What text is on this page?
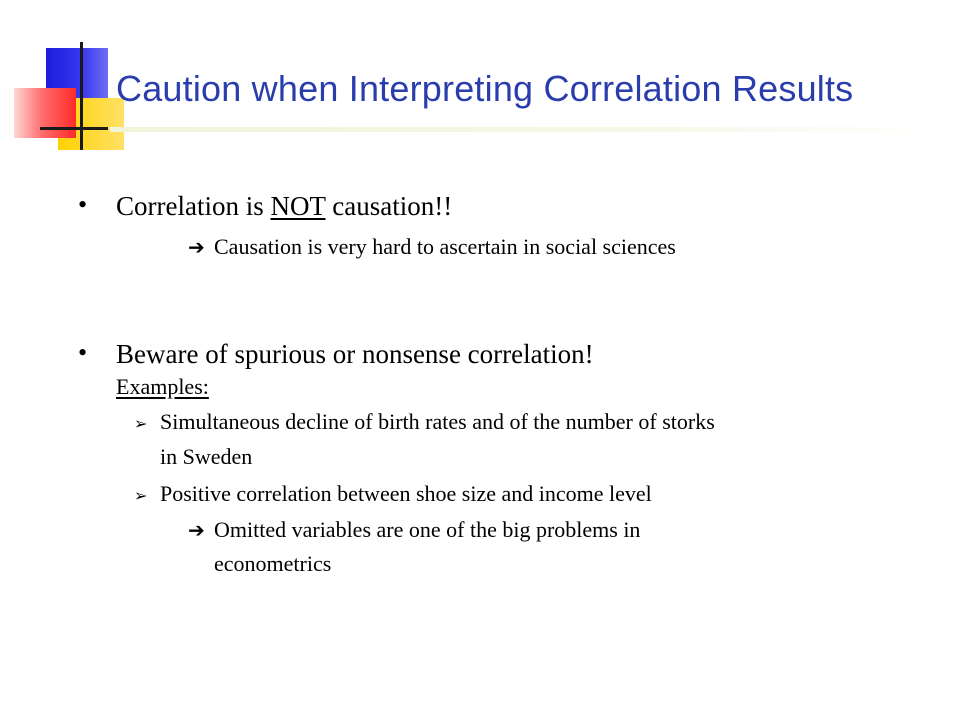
Caution when Interpreting Correlation Results
• Correlation is NOT causation!!
➔ Causation is very hard to ascertain in social sciences
• Beware of spurious or nonsense correlation!
Examples:
➢ Simultaneous decline of birth rates and of the number of storks
in Sweden
➢ Positive correlation between shoe size and income level
➔ Omitted variables are one of the big problems in
econometrics
